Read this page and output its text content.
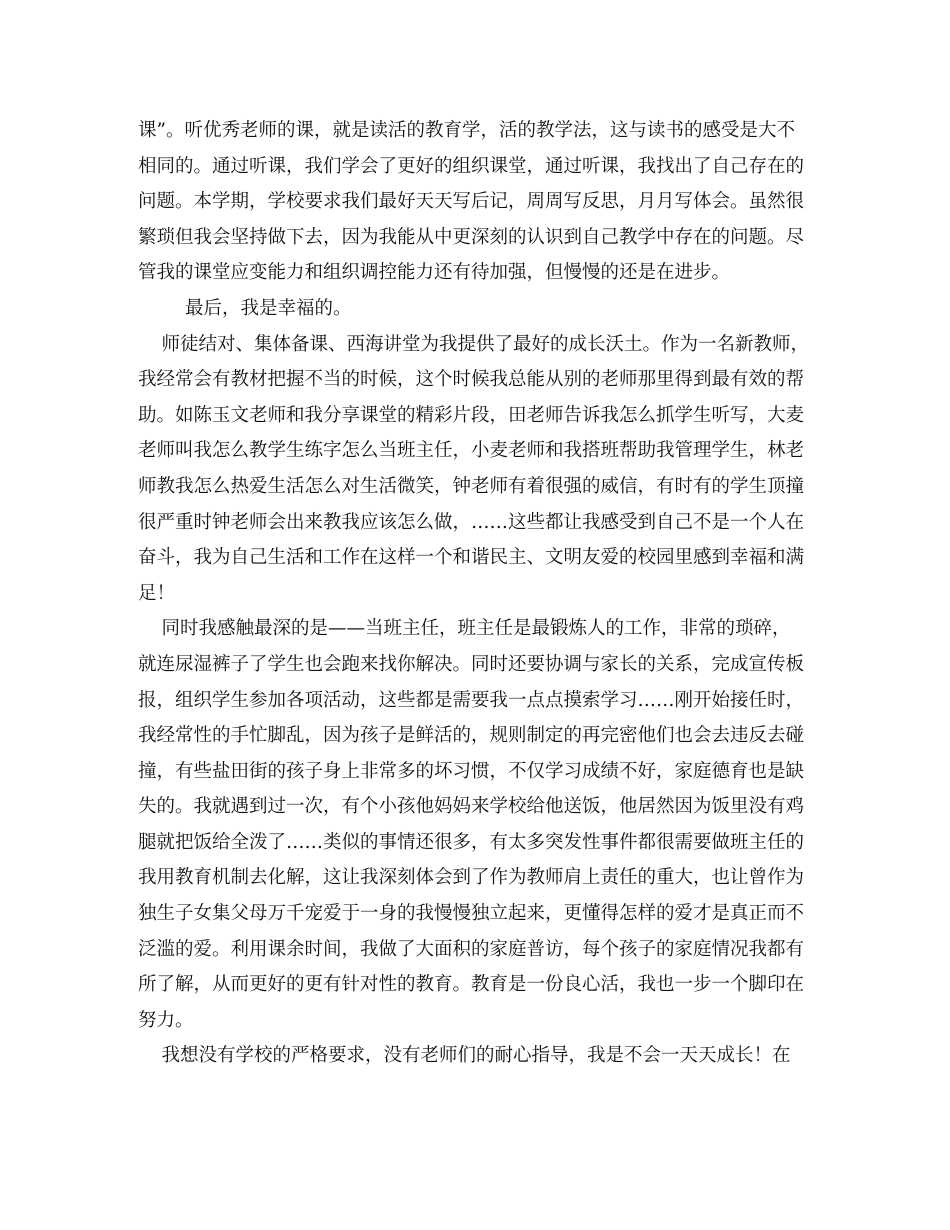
课”。听优秀老师的课，就是读活的教育学，活的教学法，这与读书的感受是大不
相同的。通过听课，我们学会了更好的组织课堂，通过听课，我找出了自己存在的
问题。本学期，学校要求我们最好天天写后记，周周写反思，月月写体会。虽然很
繁琐但我会坚持做下去，因为我能从中更深刻的认识到自己教学中存在的问题。尽
管我的课堂应变能力和组织调控能力还有待加强，但慢慢的还是在进步。
最后，我是幸福的。
师徒结对、集体备课、西海讲堂为我提供了最好的成长沃土。作为一名新教师，
我经常会有教材把握不当的时候，这个时候我总能从别的老师那里得到最有效的帮
助。如陈玉文老师和我分享课堂的精彩片段，田老师告诉我怎么抓学生听写，大麦
老师叫我怎么教学生练字怎么当班主任，小麦老师和我搭班帮助我管理学生，林老
师教我怎么热爱生活怎么对生活微笑，钟老师有着很强的威信，有时有的学生顶撞
很严重时钟老师会出来教我应该怎么做，……这些都让我感受到自己不是一个人在
奋斗，我为自己生活和工作在这样一个和谐民主、文明友爱的校园里感到幸福和满
足！
同时我感触最深的是——当班主任，班主任是最锻炼人的工作，非常的琐碎，
就连尿湿裤子了学生也会跑来找你解决。同时还要协调与家长的关系，完成宣传板
报，组织学生参加各项活动，这些都是需要我一点点摸索学习……刚开始接任时，
我经常性的手忙脚乱，因为孩子是鲜活的，规则制定的再完密他们也会去违反去碰
撞，有些盐田街的孩子身上非常多的坏习惯，不仅学习成绩不好，家庭德育也是缺
失的。我就遇到过一次，有个小孩他妈妈来学校给他送饭，他居然因为饭里没有鸡
腿就把饭给全泼了……类似的事情还很多，有太多突发性事件都很需要做班主任的
我用教育机制去化解，这让我深刻体会到了作为教师肩上责任的重大，也让曾作为
独生子女集父母万千宠爱于一身的我慢慢独立起来，更懂得怎样的爱才是真正而不
泛滥的爱。利用课余时间，我做了大面积的家庭普访，每个孩子的家庭情况我都有
所了解，从而更好的更有针对性的教育。教育是一份良心活，我也一步一个脚印在
努力。
我想没有学校的严格要求，没有老师们的耐心指导，我是不会一天天成长！在
